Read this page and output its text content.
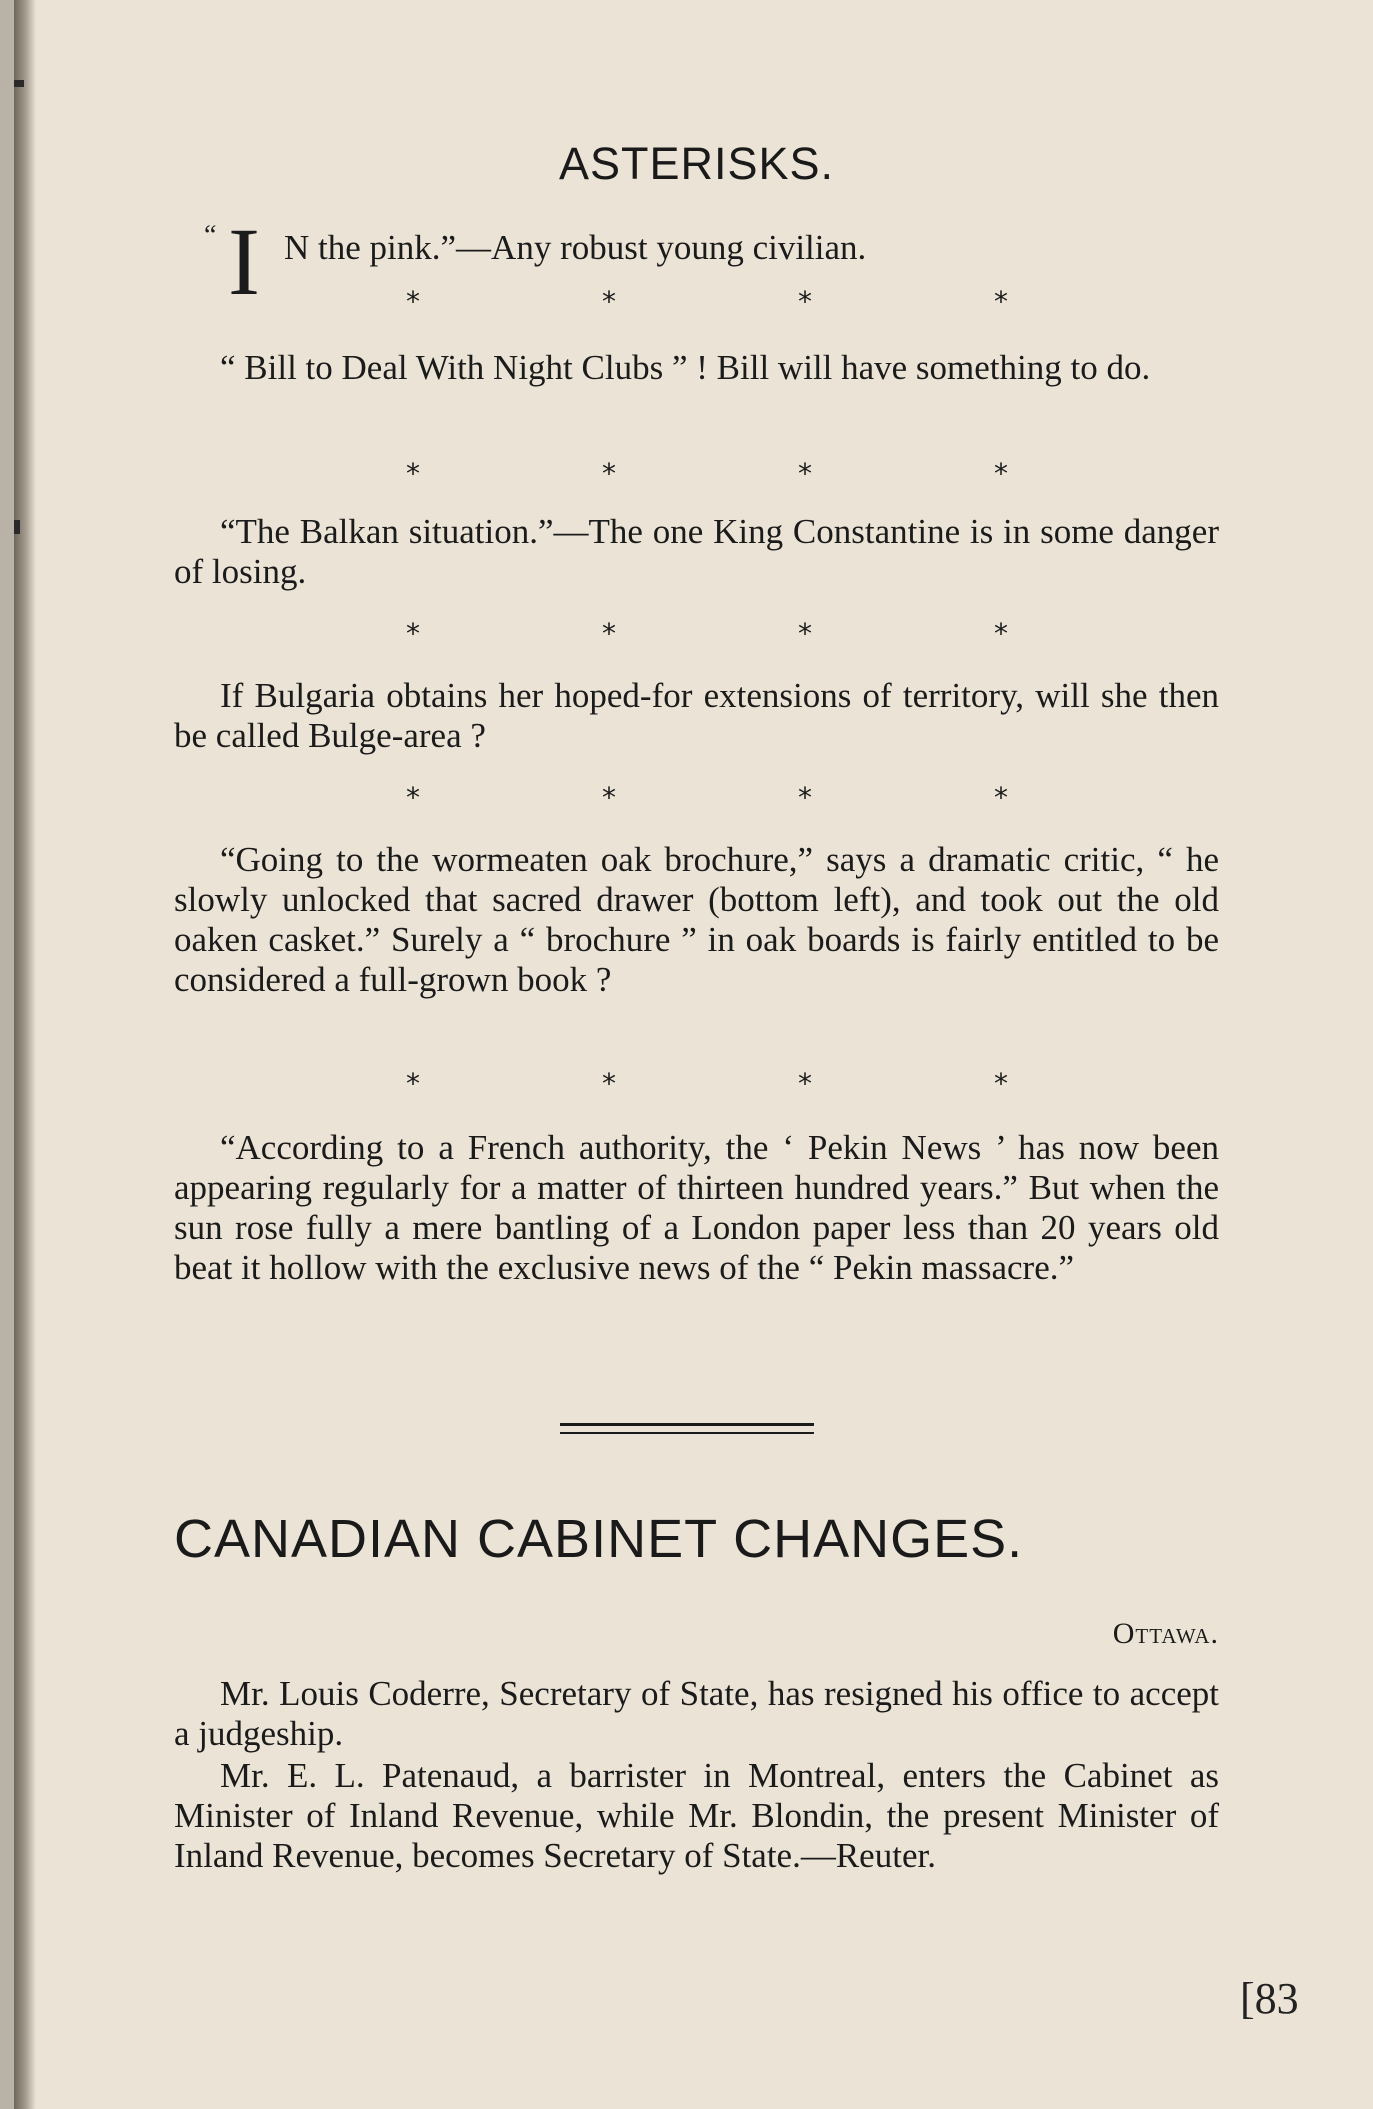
ASTERISKS.
“ I N the pink.”—Any robust young civilian.
*	*	*	*

“ Bill to Deal With Night Clubs ” ! Bill will have something to do.

*	*	*	*

“The Balkan situation.”—The one King Constantine is in some danger of losing.

*	*	*	*

If Bulgaria obtains her hoped-for extensions of territory, will she then be called Bulge-area ?

*	*	*	*

“Going to the wormeaten oak brochure,” says a dramatic critic, “ he slowly unlocked that sacred drawer (bottom left), and took out the old oaken casket.” Surely a “ brochure ” in oak boards is fairly entitled to be considered a full-grown book ?

*	*	*	*

“According to a French authority, the ‘ Pekin News ’ has now been appearing regularly for a matter of thirteen hundred years.” But when the sun rose fully a mere bantling of a London paper less than 20 years old beat it hollow with the exclusive news of the “ Pekin massacre.”

CANADIAN CABINET CHANGES.

Ottawa.

Mr. Louis Coderre, Secretary of State, has resigned his office to accept a judgeship.

Mr. E. L. Patenaud, a barrister in Montreal, enters the Cabinet as Minister of Inland Revenue, while Mr. Blondin, the present Minister of Inland Revenue, becomes Secretary of State.—Reuter.

[83
